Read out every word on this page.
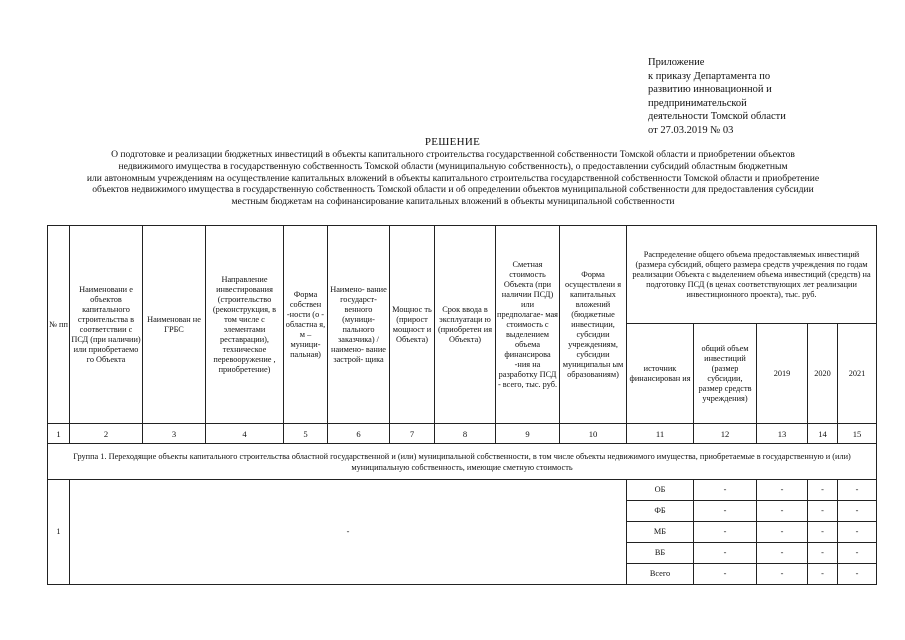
Приложение
к приказу Департамента по
развитию инновационной и
предпринимательской
деятельности Томской области
от 27.03.2019 № 03
РЕШЕНИЕ
О подготовке и реализации бюджетных инвестиций в объекты капитального строительства государственной собственности Томской области и приобретении объектов
недвижимого имущества в государственную собственность Томской области (муниципальную собственность), о предоставлении субсидий областным бюджетным
или автономным учреждениям на осуществление капитальных вложений в объекты капитального строительства государственной собственности Томской области и приобретение
объектов недвижимого имущества в государственную собственность Томской области и об определении объектов муниципальной собственности для предоставления субсидии
местным бюджетам на софинансирование капитальных вложений в объекты муниципальной собственности
№ пп	Наименовани е объектов капитального строительства в соответствии с ПСД (при наличии) или приобретаемо го Объекта	Наименован не ГРБС	Направление инвестирования (строительство (реконструкция, в том числе с элементами реставрации), техническое перевооружение , приобретение)	Форма собствен -ности (о - областна я, м – муници- пальная)	Наимено- вание государст- венного (муници- пального заказчика) / наимено- вание застрой- щика	Мощнос ть (прирост мощност и Объекта)	Срок ввода в эксплуатаци ю (приобретен ия Объекта)	Сметная стоимость Объекта (при наличии ПСД) или предполагае- мая стоимость с выделением объема финансирова -ния на разработку ПСД - всего, тыс. руб.	Форма осуществлени я капитальных вложений (бюджетные инвестиции, субсидии учреждениям, субсидии муниципальн ым образованиям)	Распределение общего объема предоставляемых инвестиций (размера субсидий, общего размера средств учреждения по годам реализации Объекта с выделением объема инвестиций (средств) на подготовку ПСД (в ценах соответствующих лет реализации инвестиционного проекта), тыс. руб.				
										источник финансирован ия	общий объем инвестиций (размер субсидии, размер средств учреждения)	2019	2020	2021
1	2	3	4	5	6	7	8	9	10	11	12	13	14	15
Группа 1. Переходящие объекты капитального строительства областной государственной и (или) муниципальной собственности, в том числе объекты недвижимого имущества, приобретаемые в государственную и (или) муниципальную собственность, имеющие сметную стоимость														
1	-									ОБ	-	-	-	-
										ФБ	-	-	-	-
										МБ	-	-	-	-
										ВБ	-	-	-	-
										Всего	-	-	-	-
